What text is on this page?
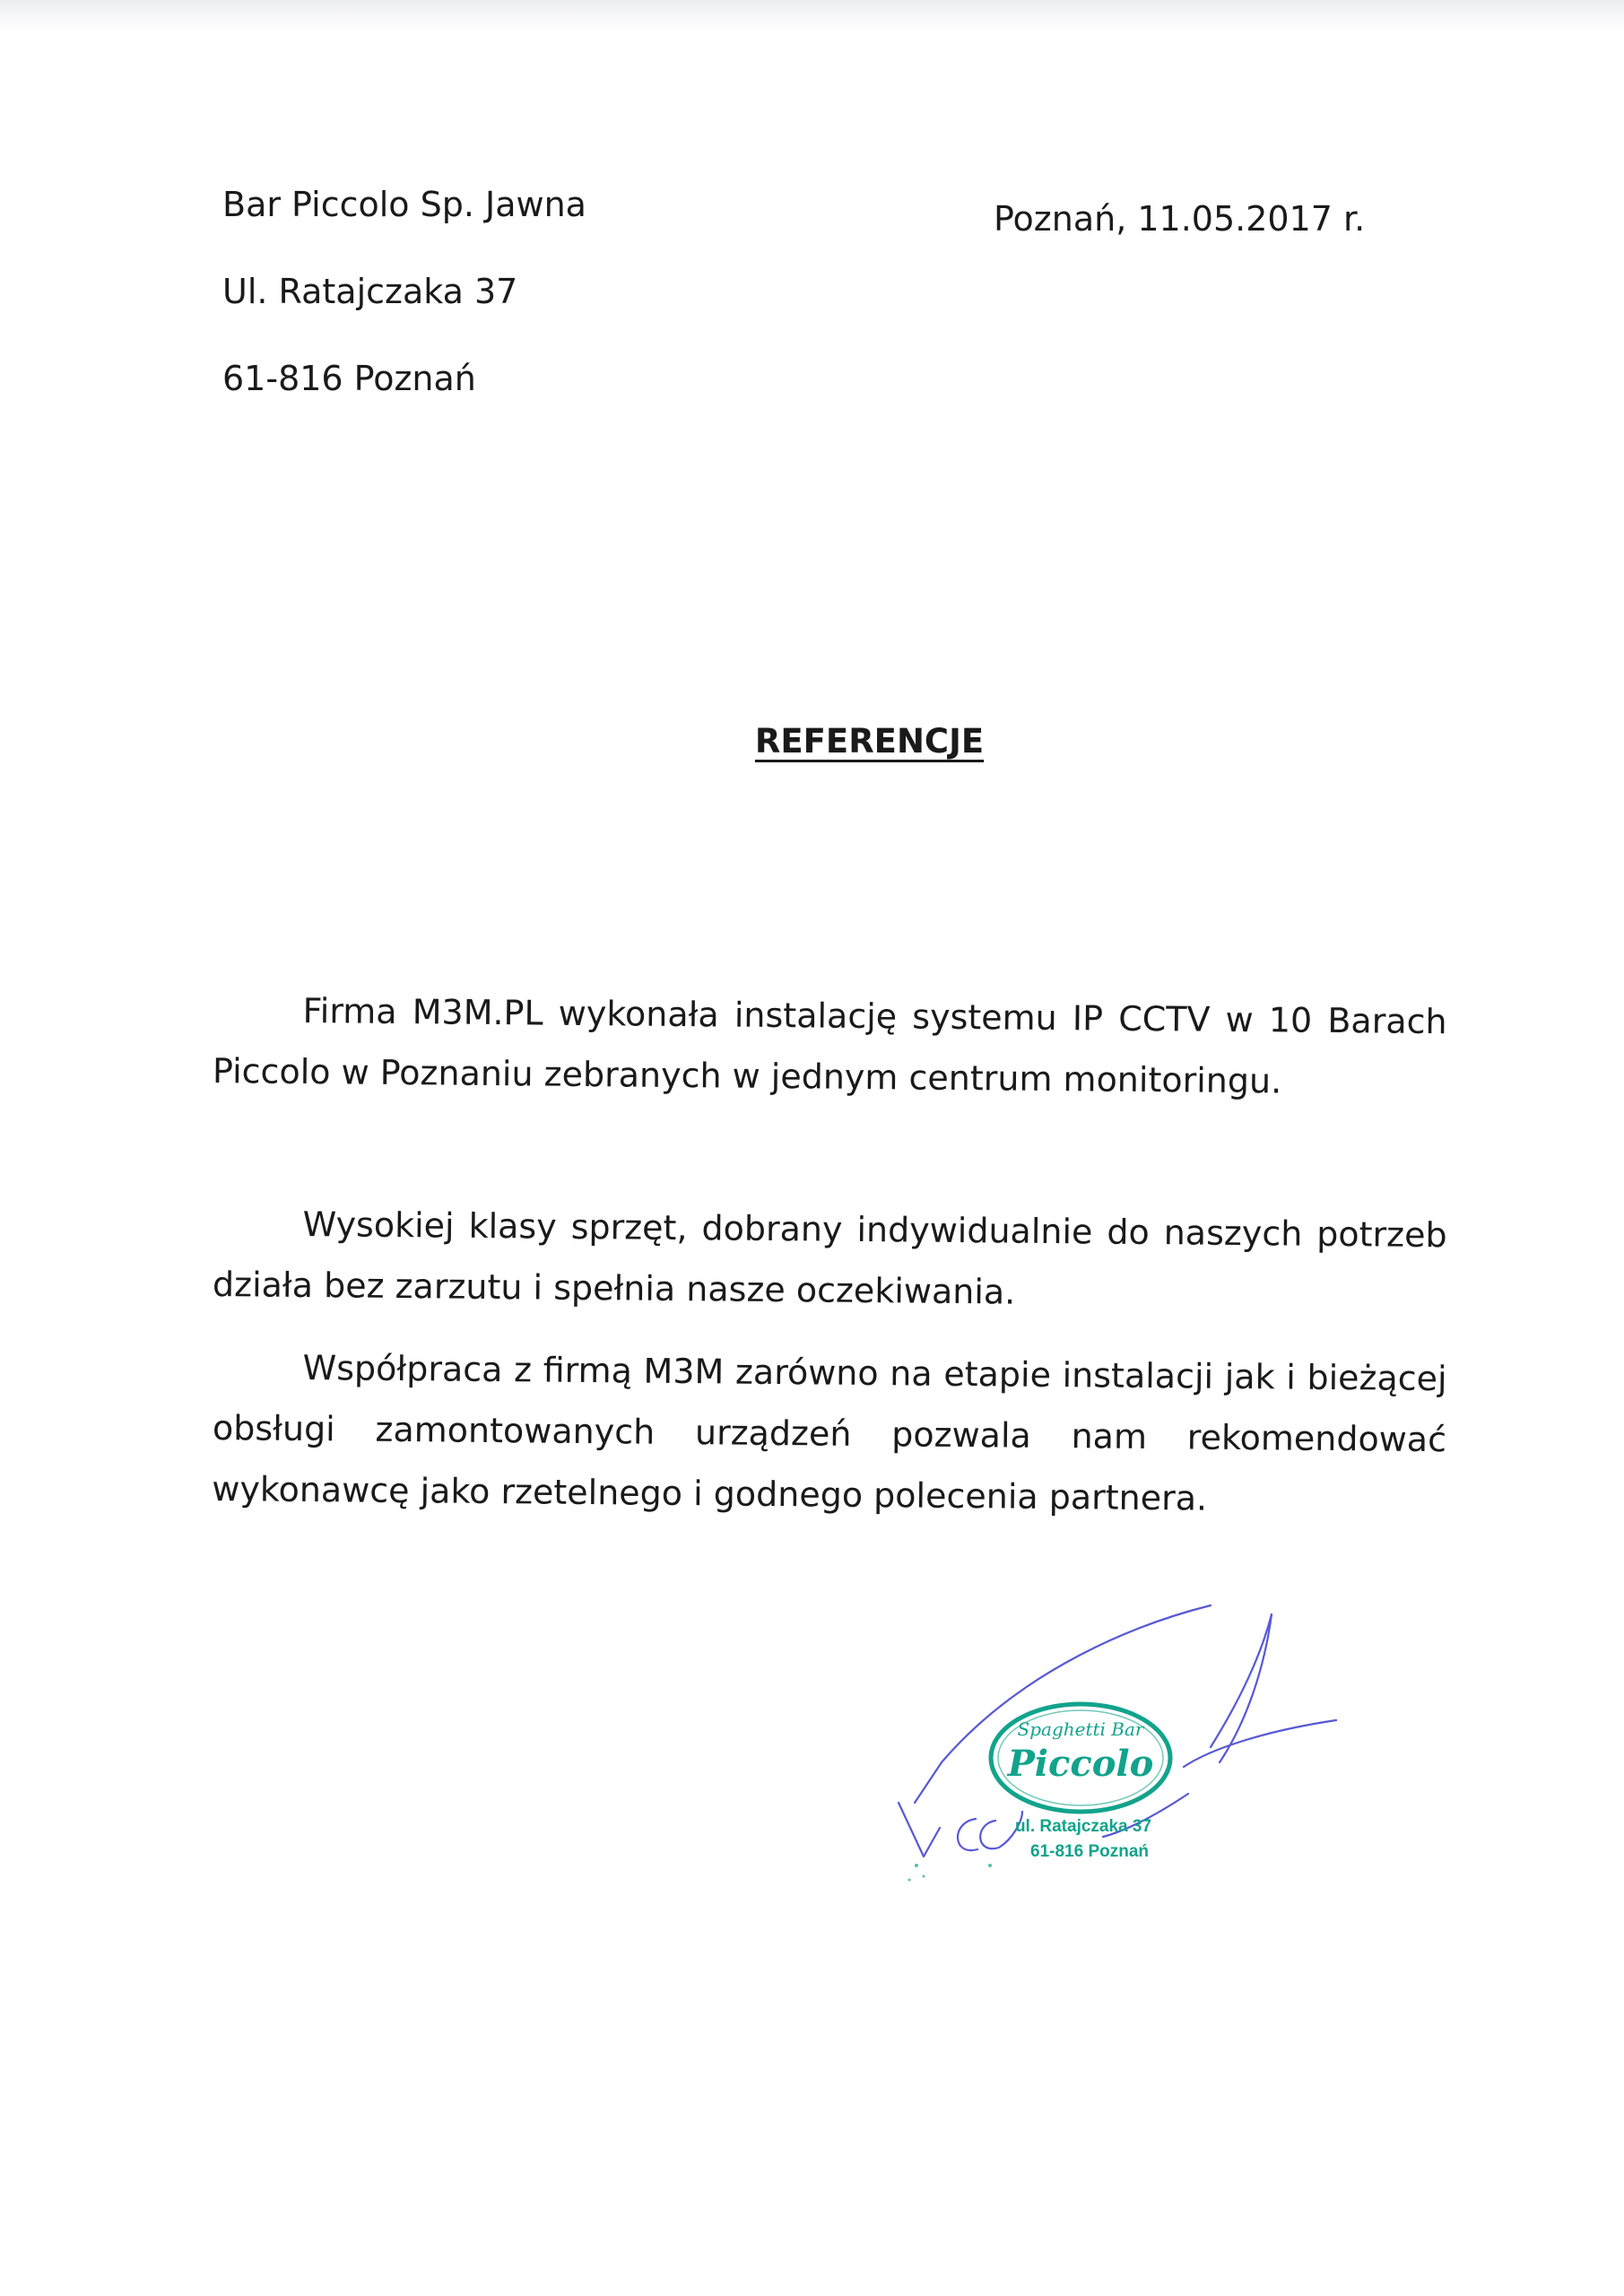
Bar Piccolo Sp. Jawna
Ul. Ratajczaka 37
61-816 Poznań
Poznań, 11.05.2017 r.
REFERENCJE

Firma M3M.PL wykonała instalację systemu IP CCTV w 10 Barach Piccolo w Poznaniu zebranych w jednym centrum monitoringu.

Wysokiej klasy sprzęt, dobrany indywidualnie do naszych potrzeb działa bez zarzutu i spełnia nasze oczekiwania.

Współpraca z firmą M3M zarówno na etapie instalacji jak i bieżącej obsługi zamontowanych urządzeń pozwala nam rekomendować wykonawcę jako rzetelnego i godnego polecenia partnera.

Spaghetti Bar
Piccolo
ul. Ratajczaka 37
61-816 Poznań
